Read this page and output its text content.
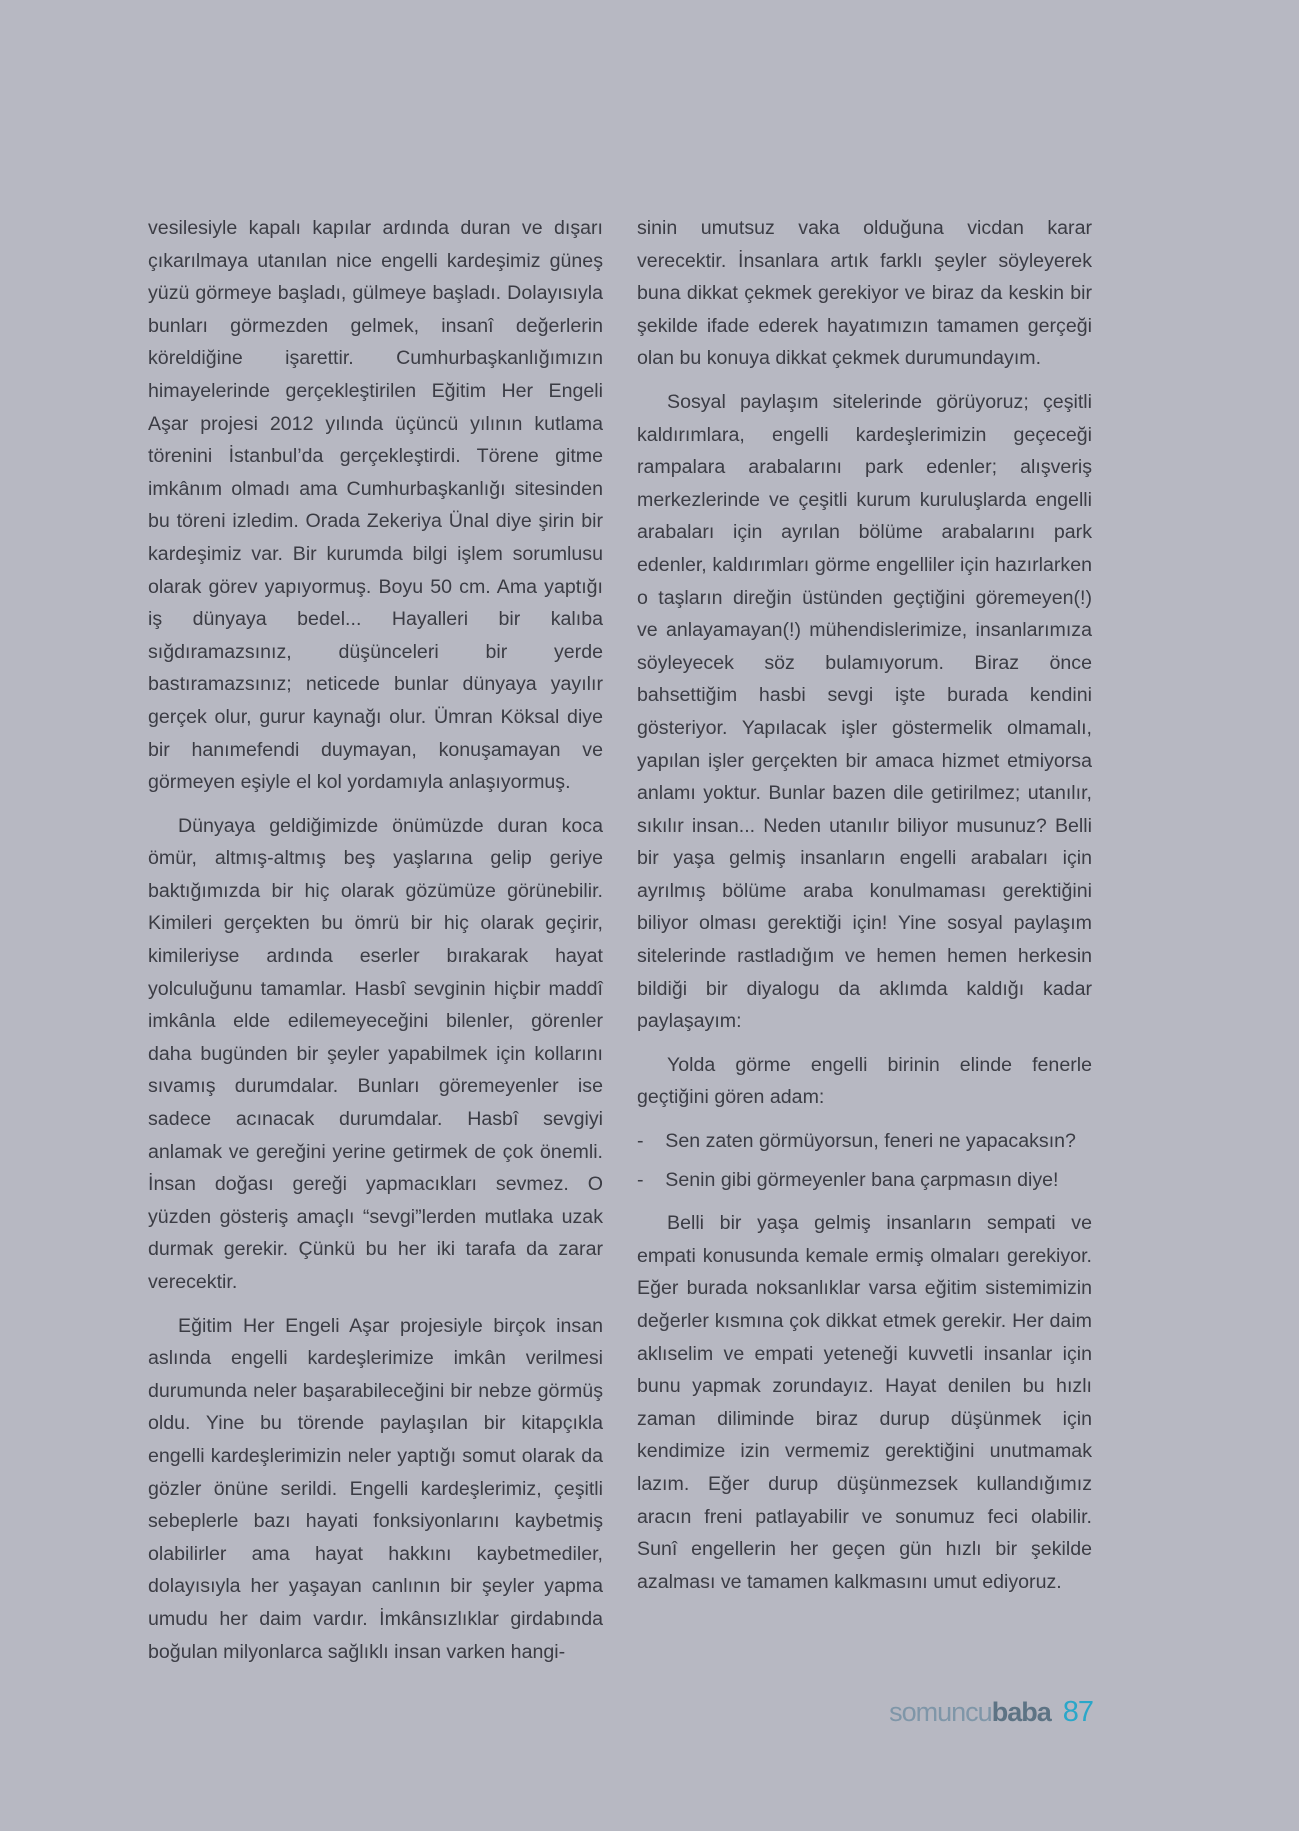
vesilesiyle kapalı kapılar ardında duran ve dışarı çıkarılmaya utanılan nice engelli kardeşimiz güneş yüzü görmeye başladı, gülmeye başladı. Dolayısıyla bunları görmezden gelmek, insanî değerlerin köreldiğine işarettir. Cumhurbaşkanlığımızın himayelerinde gerçekleştirilen Eğitim Her Engeli Aşar projesi 2012 yılında üçüncü yılının kutlama törenini İstanbul’da gerçekleştirdi. Törene gitme imkânım olmadı ama Cumhurbaşkanlığı sitesinden bu töreni izledim. Orada Zekeriya Ünal diye şirin bir kardeşimiz var. Bir kurumda bilgi işlem sorumlusu olarak görev yapıyormuş. Boyu 50 cm. Ama yaptığı iş dünyaya bedel... Hayalleri bir kalıba sığdıramazsınız, düşünceleri bir yerde bastıramazsınız; neticede bunlar dünyaya yayılır gerçek olur, gurur kaynağı olur. Ümran Köksal diye bir hanımefendi duymayan, konuşamayan ve görmeyen eşiyle el kol yordamıyla anlaşıyormuş.

Dünyaya geldiğimizde önümüzde duran koca ömür, altmış-altmış beş yaşlarına gelip geriye baktığımızda bir hiç olarak gözümüze görünebilir. Kimileri gerçekten bu ömrü bir hiç olarak geçirir, kimileriyse ardında eserler bırakarak hayat yolculuğunu tamamlar. Hasbî sevginin hiçbir maddî imkânla elde edilemeyeceğini bilenler, görenler daha bugünden bir şeyler yapabilmek için kollarını sıvamış durumdalar. Bunları göremeyenler ise sadece acınacak durumdalar. Hasbî sevgiyi anlamak ve gereğini yerine getirmek de çok önemli. İnsan doğası gereği yapmacıkları sevmez. O yüzden gösteriş amaçlı “sevgi”lerden mutlaka uzak durmak gerekir. Çünkü bu her iki tarafa da zarar verecektir.

Eğitim Her Engeli Aşar projesiyle birçok insan aslında engelli kardeşlerimize imkân verilmesi durumunda neler başarabileceğini bir nebze görmüş oldu. Yine bu törende paylaşılan bir kitapçıkla engelli kardeşlerimizin neler yaptığı somut olarak da gözler önüne serildi. Engelli kardeşlerimiz, çeşitli sebeplerle bazı hayati fonksiyonlarını kaybetmiş olabilirler ama hayat hakkını kaybetmediler, dolayısıyla her yaşayan canlının bir şeyler yapma umudu her daim vardır. İmkânsızlıklar girdabında boğulan milyonlarca sağlıklı insan varken hangi-

sinin umutsuz vaka olduğuna vicdan karar verecektir. İnsanlara artık farklı şeyler söyleyerek buna dikkat çekmek gerekiyor ve biraz da keskin bir şekilde ifade ederek hayatımızın tamamen gerçeği olan bu konuya dikkat çekmek durumundayım.

Sosyal paylaşım sitelerinde görüyoruz; çeşitli kaldırımlara, engelli kardeşlerimizin geçeceği rampalara arabalarını park edenler; alışveriş merkezlerinde ve çeşitli kurum kuruluşlarda engelli arabaları için ayrılan bölüme arabalarını park edenler, kaldırımları görme engelliler için hazırlarken o taşların direğin üstünden geçtiğini göremeyen(!) ve anlayamayan(!) mühendislerimize, insanlarımıza söyleyecek söz bulamıyorum. Biraz önce bahsettiğim hasbi sevgi işte burada kendini gösteriyor. Yapılacak işler göstermelik olmamalı, yapılan işler gerçekten bir amaca hizmet etmiyorsa anlamı yoktur. Bunlar bazen dile getirilmez; utanılır, sıkılır insan... Neden utanılır biliyor musunuz? Belli bir yaşa gelmiş insanların engelli arabaları için ayrılmış bölüme araba konulmaması gerektiğini biliyor olması gerektiği için! Yine sosyal paylaşım sitelerinde rastladığım ve hemen hemen herkesin bildiği bir diyalogu da aklımda kaldığı kadar paylaşayım:

Yolda görme engelli birinin elinde fenerle geçtiğini gören adam:

-    Sen zaten görmüyorsun, feneri ne yapacaksın?

-    Senin gibi görmeyenler bana çarpmasın diye!

Belli bir yaşa gelmiş insanların sempati ve empati konusunda kemale ermiş olmaları gerekiyor. Eğer burada noksanlıklar varsa eğitim sistemimizin değerler kısmına çok dikkat etmek gerekir. Her daim aklıselim ve empati yeteneği kuvvetli insanlar için bunu yapmak zorundayız. Hayat denilen bu hızlı zaman diliminde biraz durup düşünmek için kendimize izin vermemiz gerektiğini unutmamak lazım. Eğer durup düşünmezsek kullandığımız aracın freni patlayabilir ve sonumuz feci olabilir. Sunî engellerin her geçen gün hızlı bir şekilde azalması ve tamamen kalkmasını umut ediyoruz.

somuncubaba 87
